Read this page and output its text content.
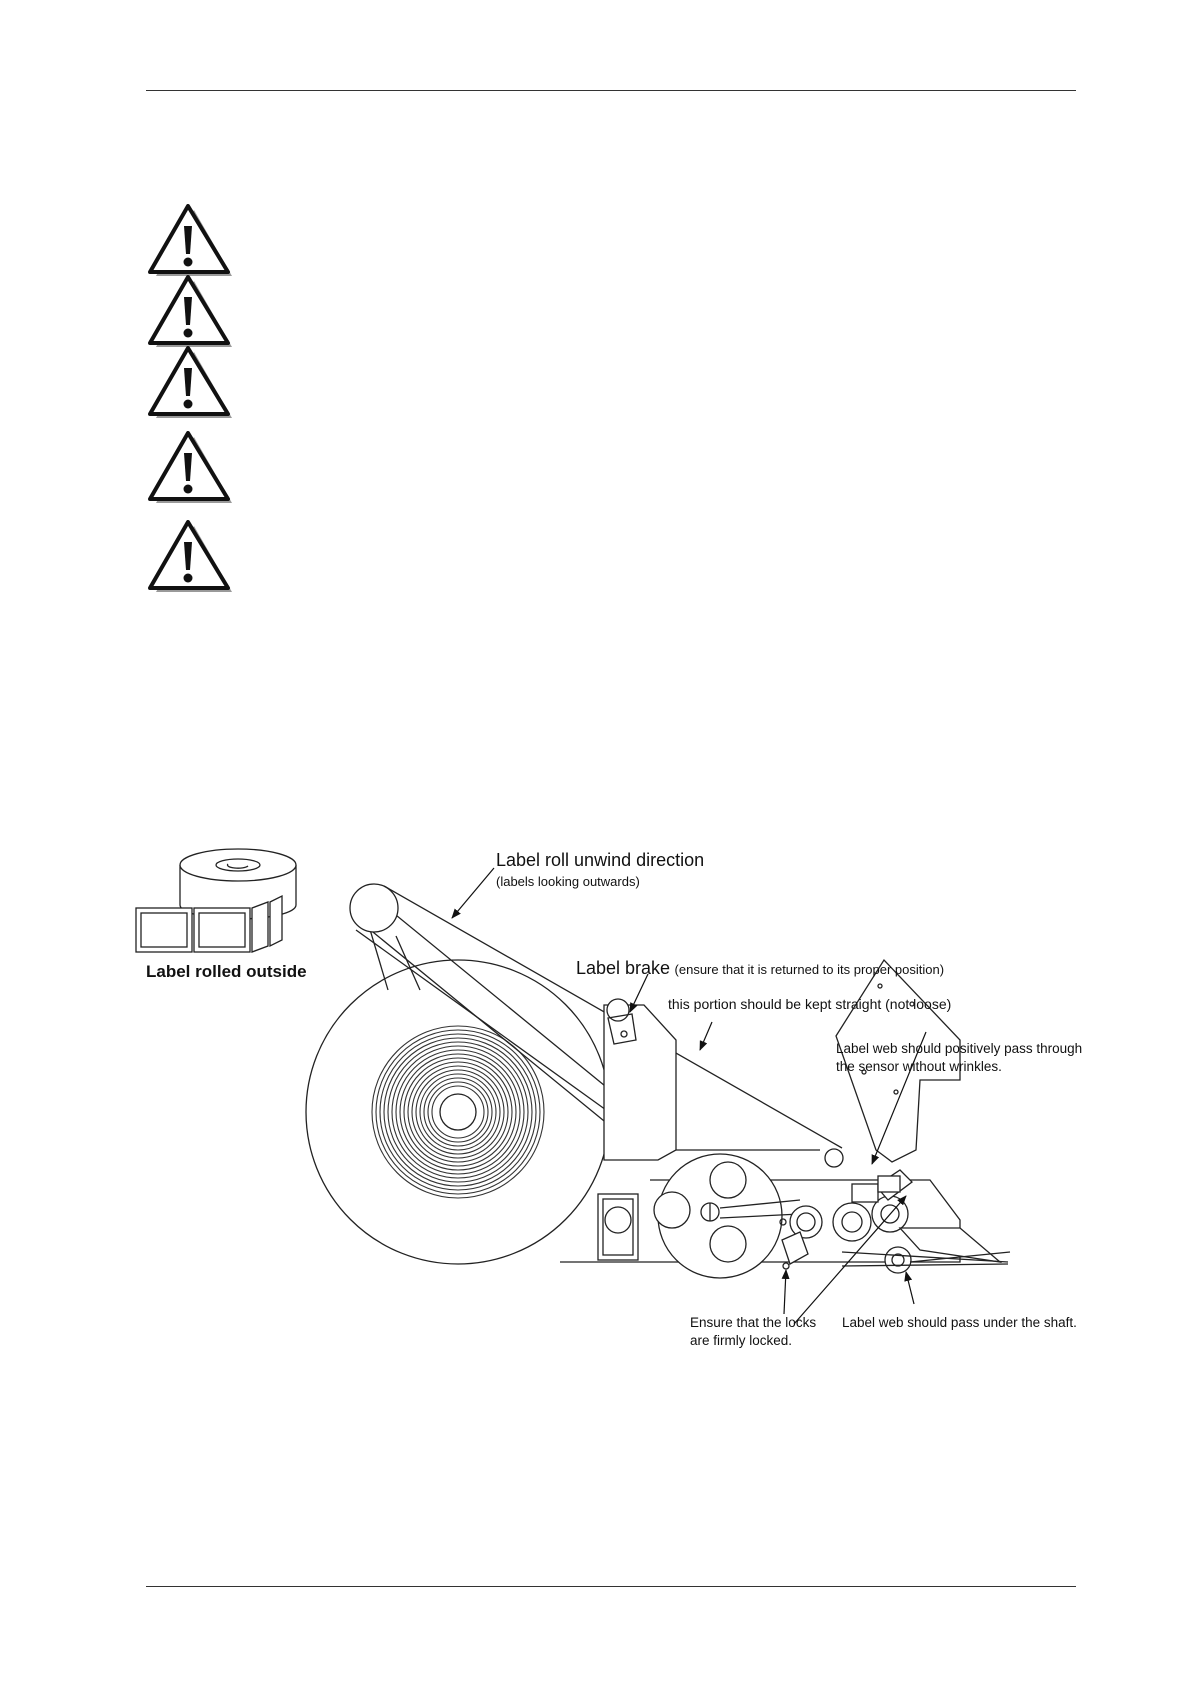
Label rolled outside
Label roll unwind direction
(labels looking outwards)
Label brake (ensure that it is returned to its proper position)
this portion should be kept straight (not loose)
Label web should positively pass through
the sensor without wrinkles.
Ensure that the locks
are firmly locked.
Label web should pass under the shaft.
